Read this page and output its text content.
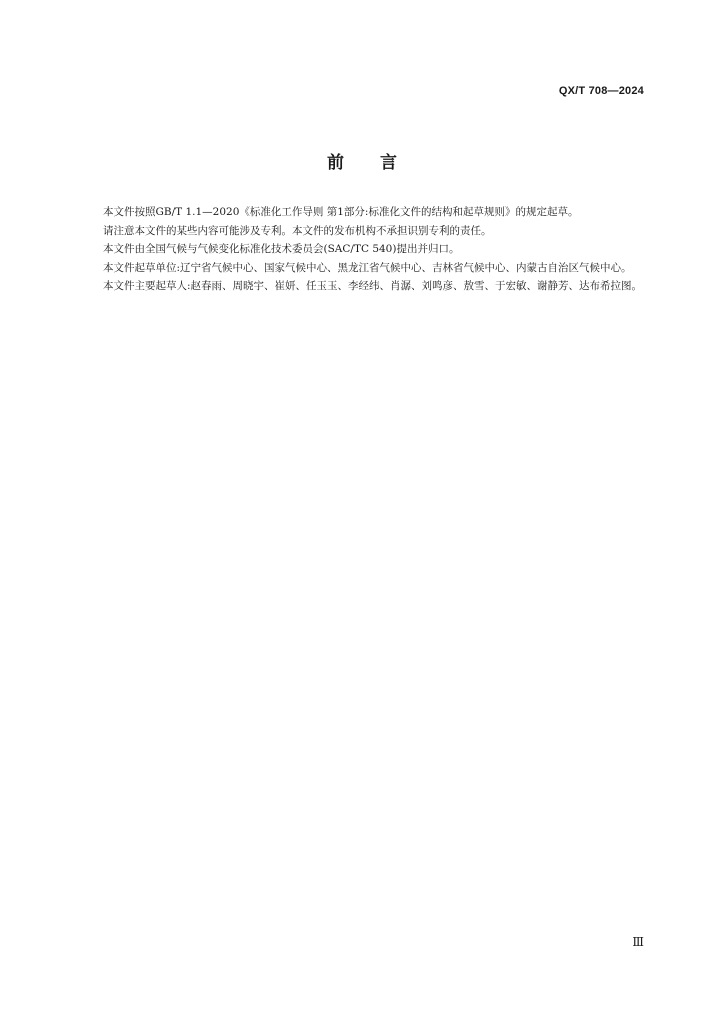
QX/T 708—2024
前言

本文件按照GB/T 1.1—2020《标准化工作导则 第1部分:标准化文件的结构和起草规则》的规定起草。

请注意本文件的某些内容可能涉及专利。本文件的发布机构不承担识别专利的责任。

本文件由全国气候与气候变化标准化技术委员会(SAC/TC 540)提出并归口。

本文件起草单位:辽宁省气候中心、国家气候中心、黑龙江省气候中心、吉林省气候中心、内蒙古自治区气候中心。

本文件主要起草人:赵春雨、周晓宇、崔妍、任玉玉、李经纬、肖潺、刘鸣彦、敖雪、于宏敏、谢静芳、达布希拉图。

Ⅲ
